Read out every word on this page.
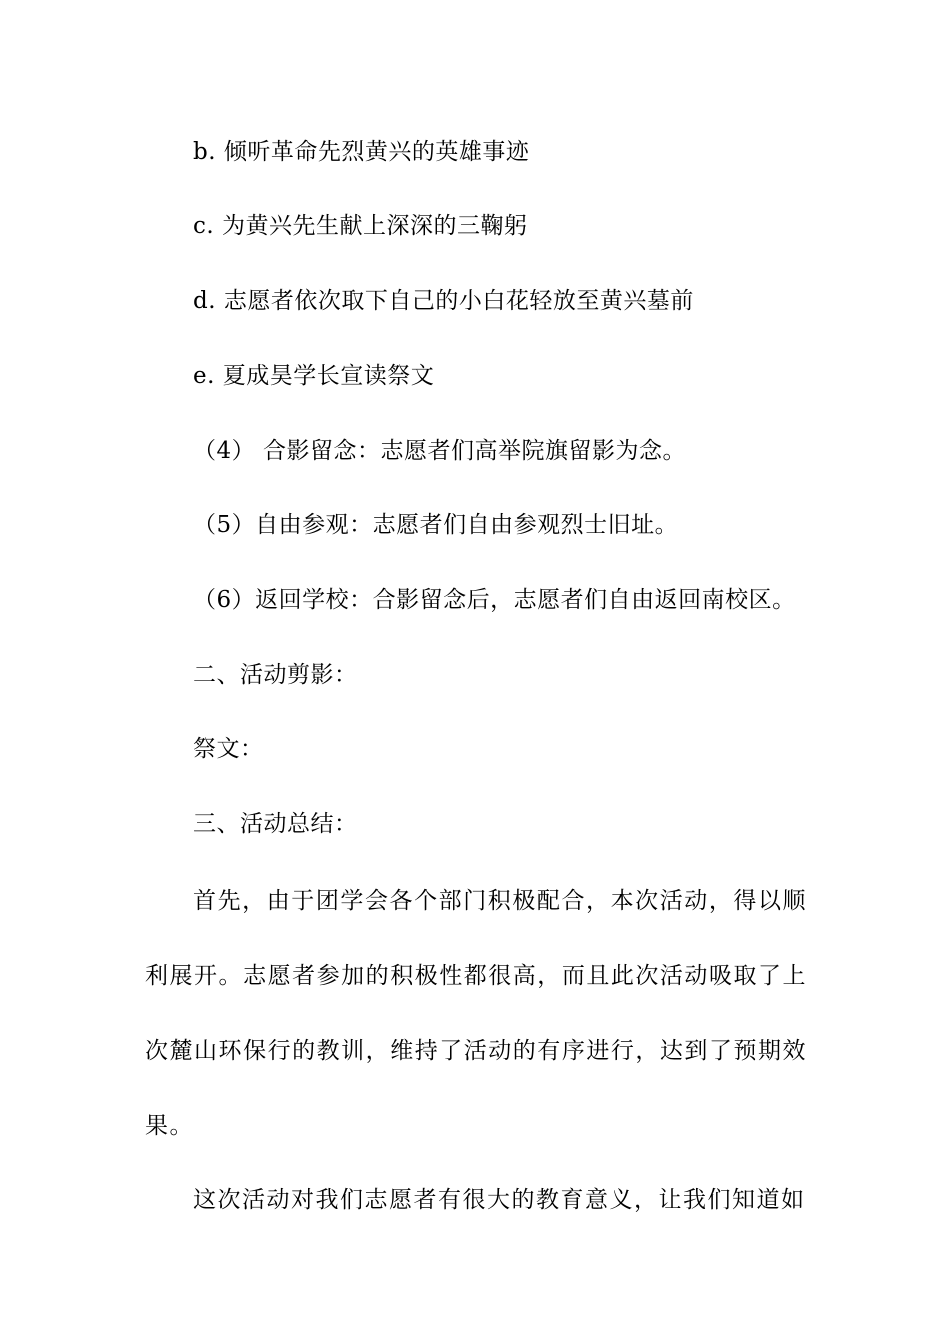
b. 倾听革命先烈黄兴的英雄事迹
c. 为黄兴先生献上深深的三鞠躬
d. 志愿者依次取下自己的小白花轻放至黄兴墓前
e. 夏成昊学长宣读祭文
（4） 合影留念：志愿者们高举院旗留影为念。
（5）自由参观：志愿者们自由参观烈士旧址。
（6）返回学校：合影留念后，志愿者们自由返回南校区。
二、活动剪影：
祭文：
三、活动总结：
首先，由于团学会各个部门积极配合，本次活动，得以顺利展开。志愿者参加的积极性都很高，而且此次活动吸取了上次麓山环保行的教训，维持了活动的有序进行，达到了预期效果。
这次活动对我们志愿者有很大的教育意义，让我们知道如
